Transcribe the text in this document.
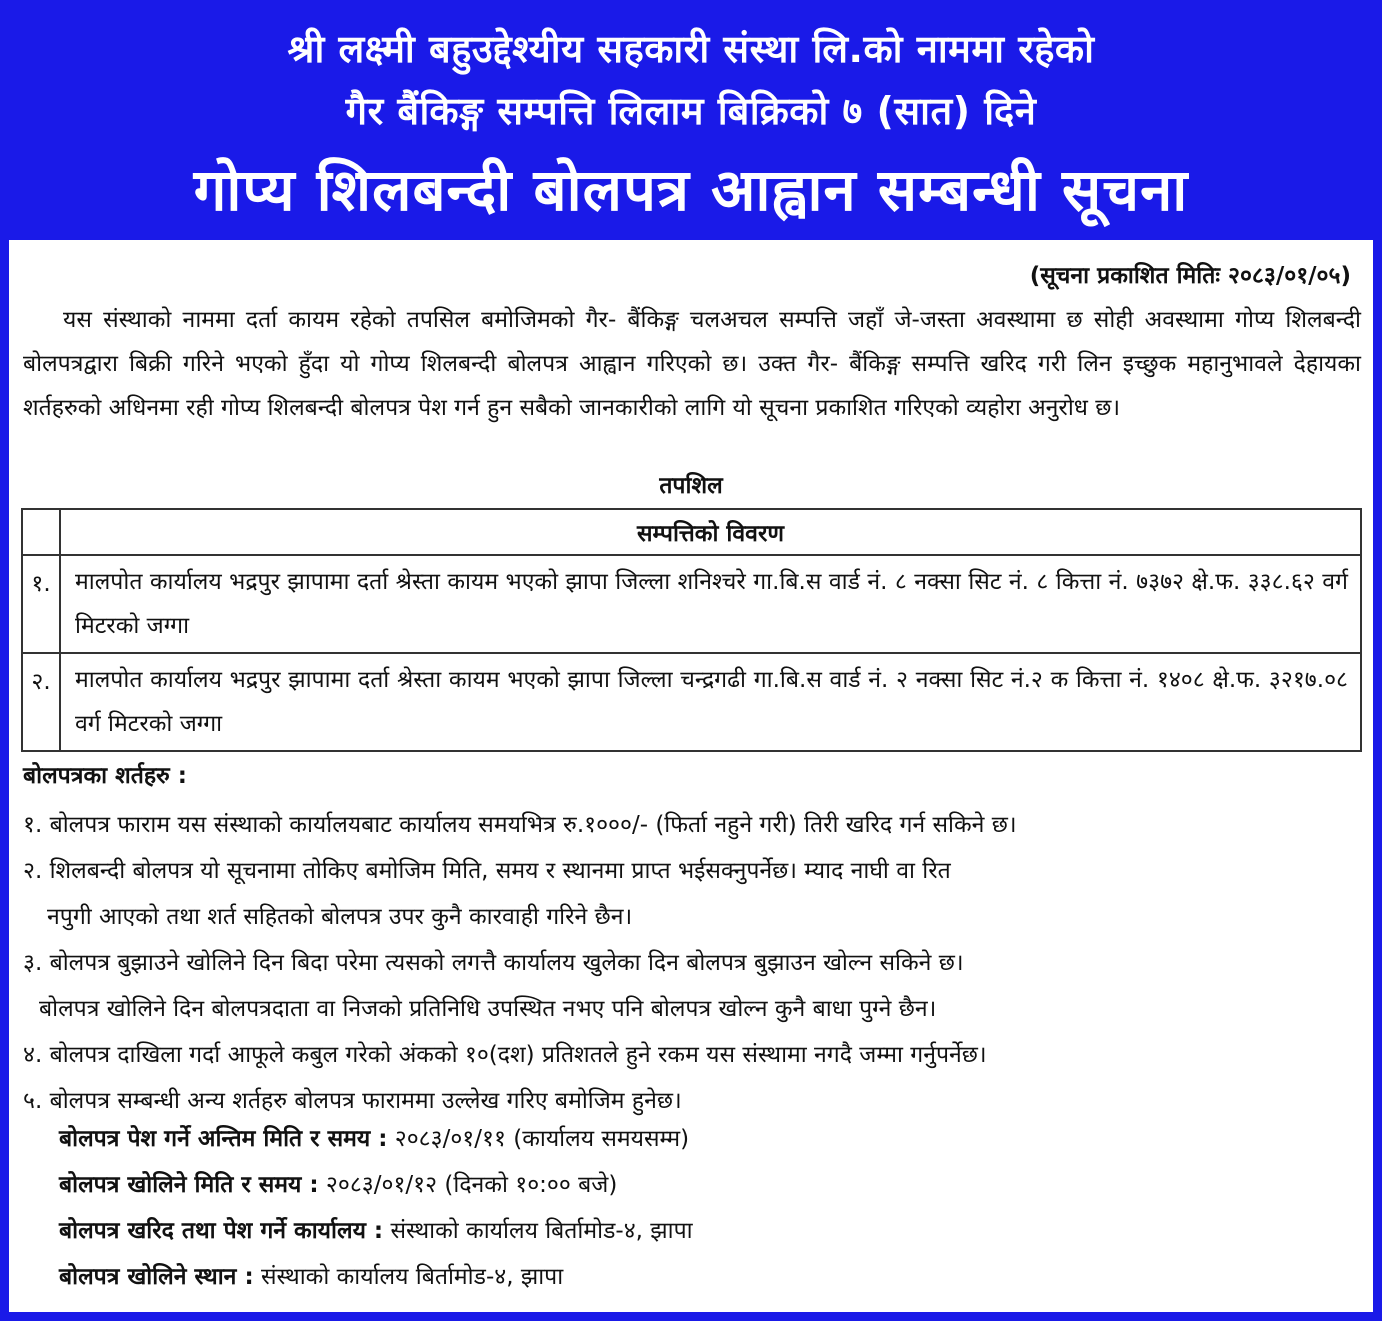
श्री लक्ष्मी बहुउद्देश्यीय सहकारी संस्था लि.को नाममा रहेको
गैर बैंकिङ्ग सम्पत्ति लिलाम बिक्रिको ७ (सात) दिने
गोप्य शिलबन्दी बोलपत्र आह्वान सम्बन्धी सूचना
(सूचना प्रकाशित मितिः २०८३/०१/०५)

यस संस्थाको नाममा दर्ता कायम रहेको तपसिल बमोजिमको गैर- बैंकिङ्ग चलअचल सम्पत्ति जहाँ जे-जस्ता अवस्थामा छ सोही अवस्थामा गोप्य शिलबन्दी बोलपत्रद्वारा बिक्री गरिने भएको हुँदा यो गोप्य शिलबन्दी बोलपत्र आह्वान गरिएको छ। उक्त गैर- बैंकिङ्ग सम्पत्ति खरिद गरी लिन इच्छुक महानुभावले देहायका शर्तहरुको अधिनमा रही गोप्य शिलबन्दी बोलपत्र पेश गर्न हुन सबैको जानकारीको लागि यो सूचना प्रकाशित गरिएको व्यहोरा अनुरोध छ।

तपशिल
	सम्पत्तिको विवरण
१.	मालपोत कार्यालय भद्रपुर झापामा दर्ता श्रेस्ता कायम भएको झापा जिल्ला शनिश्चरे गा.बि.स वार्ड नं. ८ नक्सा सिट नं. ८ कित्ता नं. ७३७२ क्षे.फ. ३३८.६२ वर्ग मिटरको जग्गा
२.	मालपोत कार्यालय भद्रपुर झापामा दर्ता श्रेस्ता कायम भएको झापा जिल्ला चन्द्रगढी गा.बि.स वार्ड नं. २ नक्सा सिट नं.२ क कित्ता नं. १४०८ क्षे.फ. ३२१७.०८ वर्ग मिटरको जग्गा
बोलपत्रका शर्तहरु :
१. बोलपत्र फाराम यस संस्थाको कार्यालयबाट कार्यालय समयभित्र रु.१०००/- (फिर्ता नहुने गरी) तिरी खरिद गर्न सकिने छ।
२. शिलबन्दी बोलपत्र यो सूचनामा तोकिए बमोजिम मिति, समय र स्थानमा प्राप्त भईसक्नुपर्नेछ। म्याद नाघी वा रित
नपुगी आएको तथा शर्त सहितको बोलपत्र उपर कुनै कारवाही गरिने छैन।
३. बोलपत्र बुझाउने खोलिने दिन बिदा परेमा त्यसको लगत्तै कार्यालय खुलेका दिन बोलपत्र बुझाउन खोल्न सकिने छ।
बोलपत्र खोलिने दिन बोलपत्रदाता वा निजको प्रतिनिधि उपस्थित नभए पनि बोलपत्र खोल्न कुनै बाधा पुग्ने छैन।
४. बोलपत्र दाखिला गर्दा आफूले कबुल गरेको अंकको १०(दश) प्रतिशतले हुने रकम यस संस्थामा नगदै जम्मा गर्नुपर्नेछ।
५. बोलपत्र सम्बन्धी अन्य शर्तहरु बोलपत्र फाराममा उल्लेख गरिए बमोजिम हुनेछ।
बोलपत्र पेश गर्ने अन्तिम मिति र समय : २०८३/०१/११ (कार्यालय समयसम्म)
बोलपत्र खोलिने मिति र समय : २०८३/०१/१२ (दिनको १०:०० बजे)
बोलपत्र खरिद तथा पेश गर्ने कार्यालय : संस्थाको कार्यालय बिर्तामोड-४, झापा
बोलपत्र खोलिने स्थान : संस्थाको कार्यालय बिर्तामोड-४, झापा
